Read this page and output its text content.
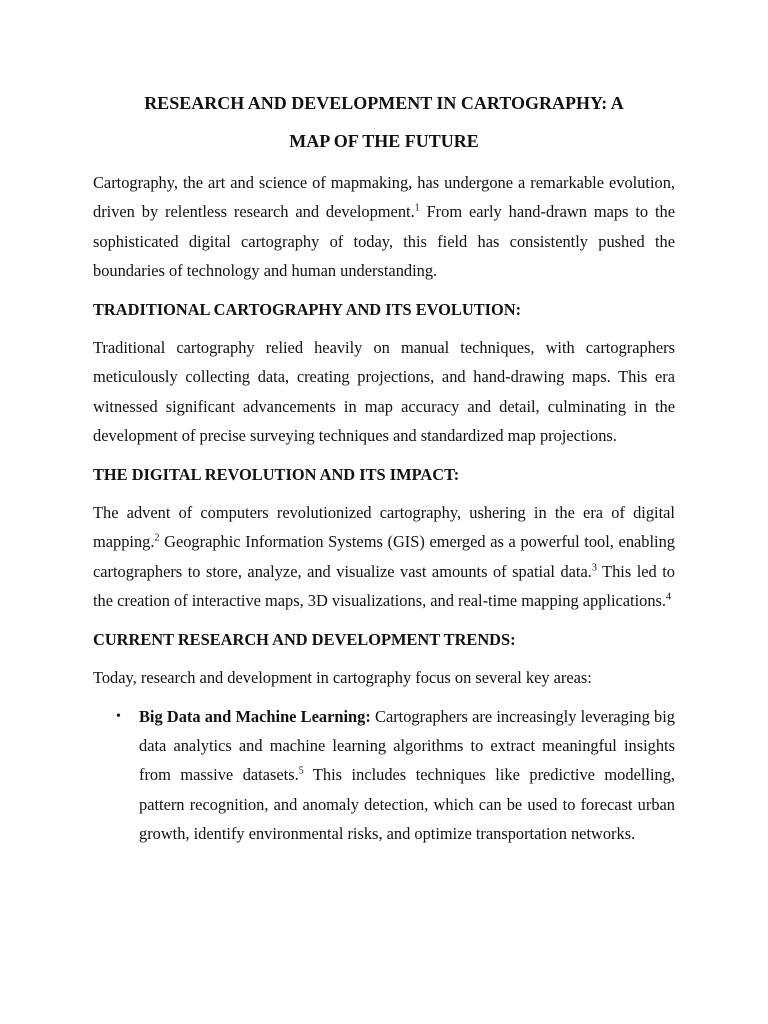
RESEARCH AND DEVELOPMENT IN CARTOGRAPHY: A
MAP OF THE FUTURE

Cartography, the art and science of mapmaking, has undergone a remarkable evolution, driven by relentless research and development.$^1$ From early hand-drawn maps to the sophisticated digital cartography of today, this field has consistently pushed the boundaries of technology and human understanding.

TRADITIONAL CARTOGRAPHY AND ITS EVOLUTION:

Traditional cartography relied heavily on manual techniques, with cartographers meticulously collecting data, creating projections, and hand-drawing maps. This era witnessed significant advancements in map accuracy and detail, culminating in the development of precise surveying techniques and standardized map projections.

THE DIGITAL REVOLUTION AND ITS IMPACT:

The advent of computers revolutionized cartography, ushering in the era of digital mapping.$^2$ Geographic Information Systems (GIS) emerged as a powerful tool, enabling cartographers to store, analyze, and visualize vast amounts of spatial data.$^3$ This led to the creation of interactive maps, 3D visualizations, and real-time mapping applications.$^4$

CURRENT RESEARCH AND DEVELOPMENT TRENDS:

Today, research and development in cartography focus on several key areas:

• Big Data and Machine Learning: Cartographers are increasingly leveraging big data analytics and machine learning algorithms to extract meaningful insights from massive datasets.$^5$ This includes techniques like predictive modelling, pattern recognition, and anomaly detection, which can be used to forecast urban growth, identify environmental risks, and optimize transportation networks.
